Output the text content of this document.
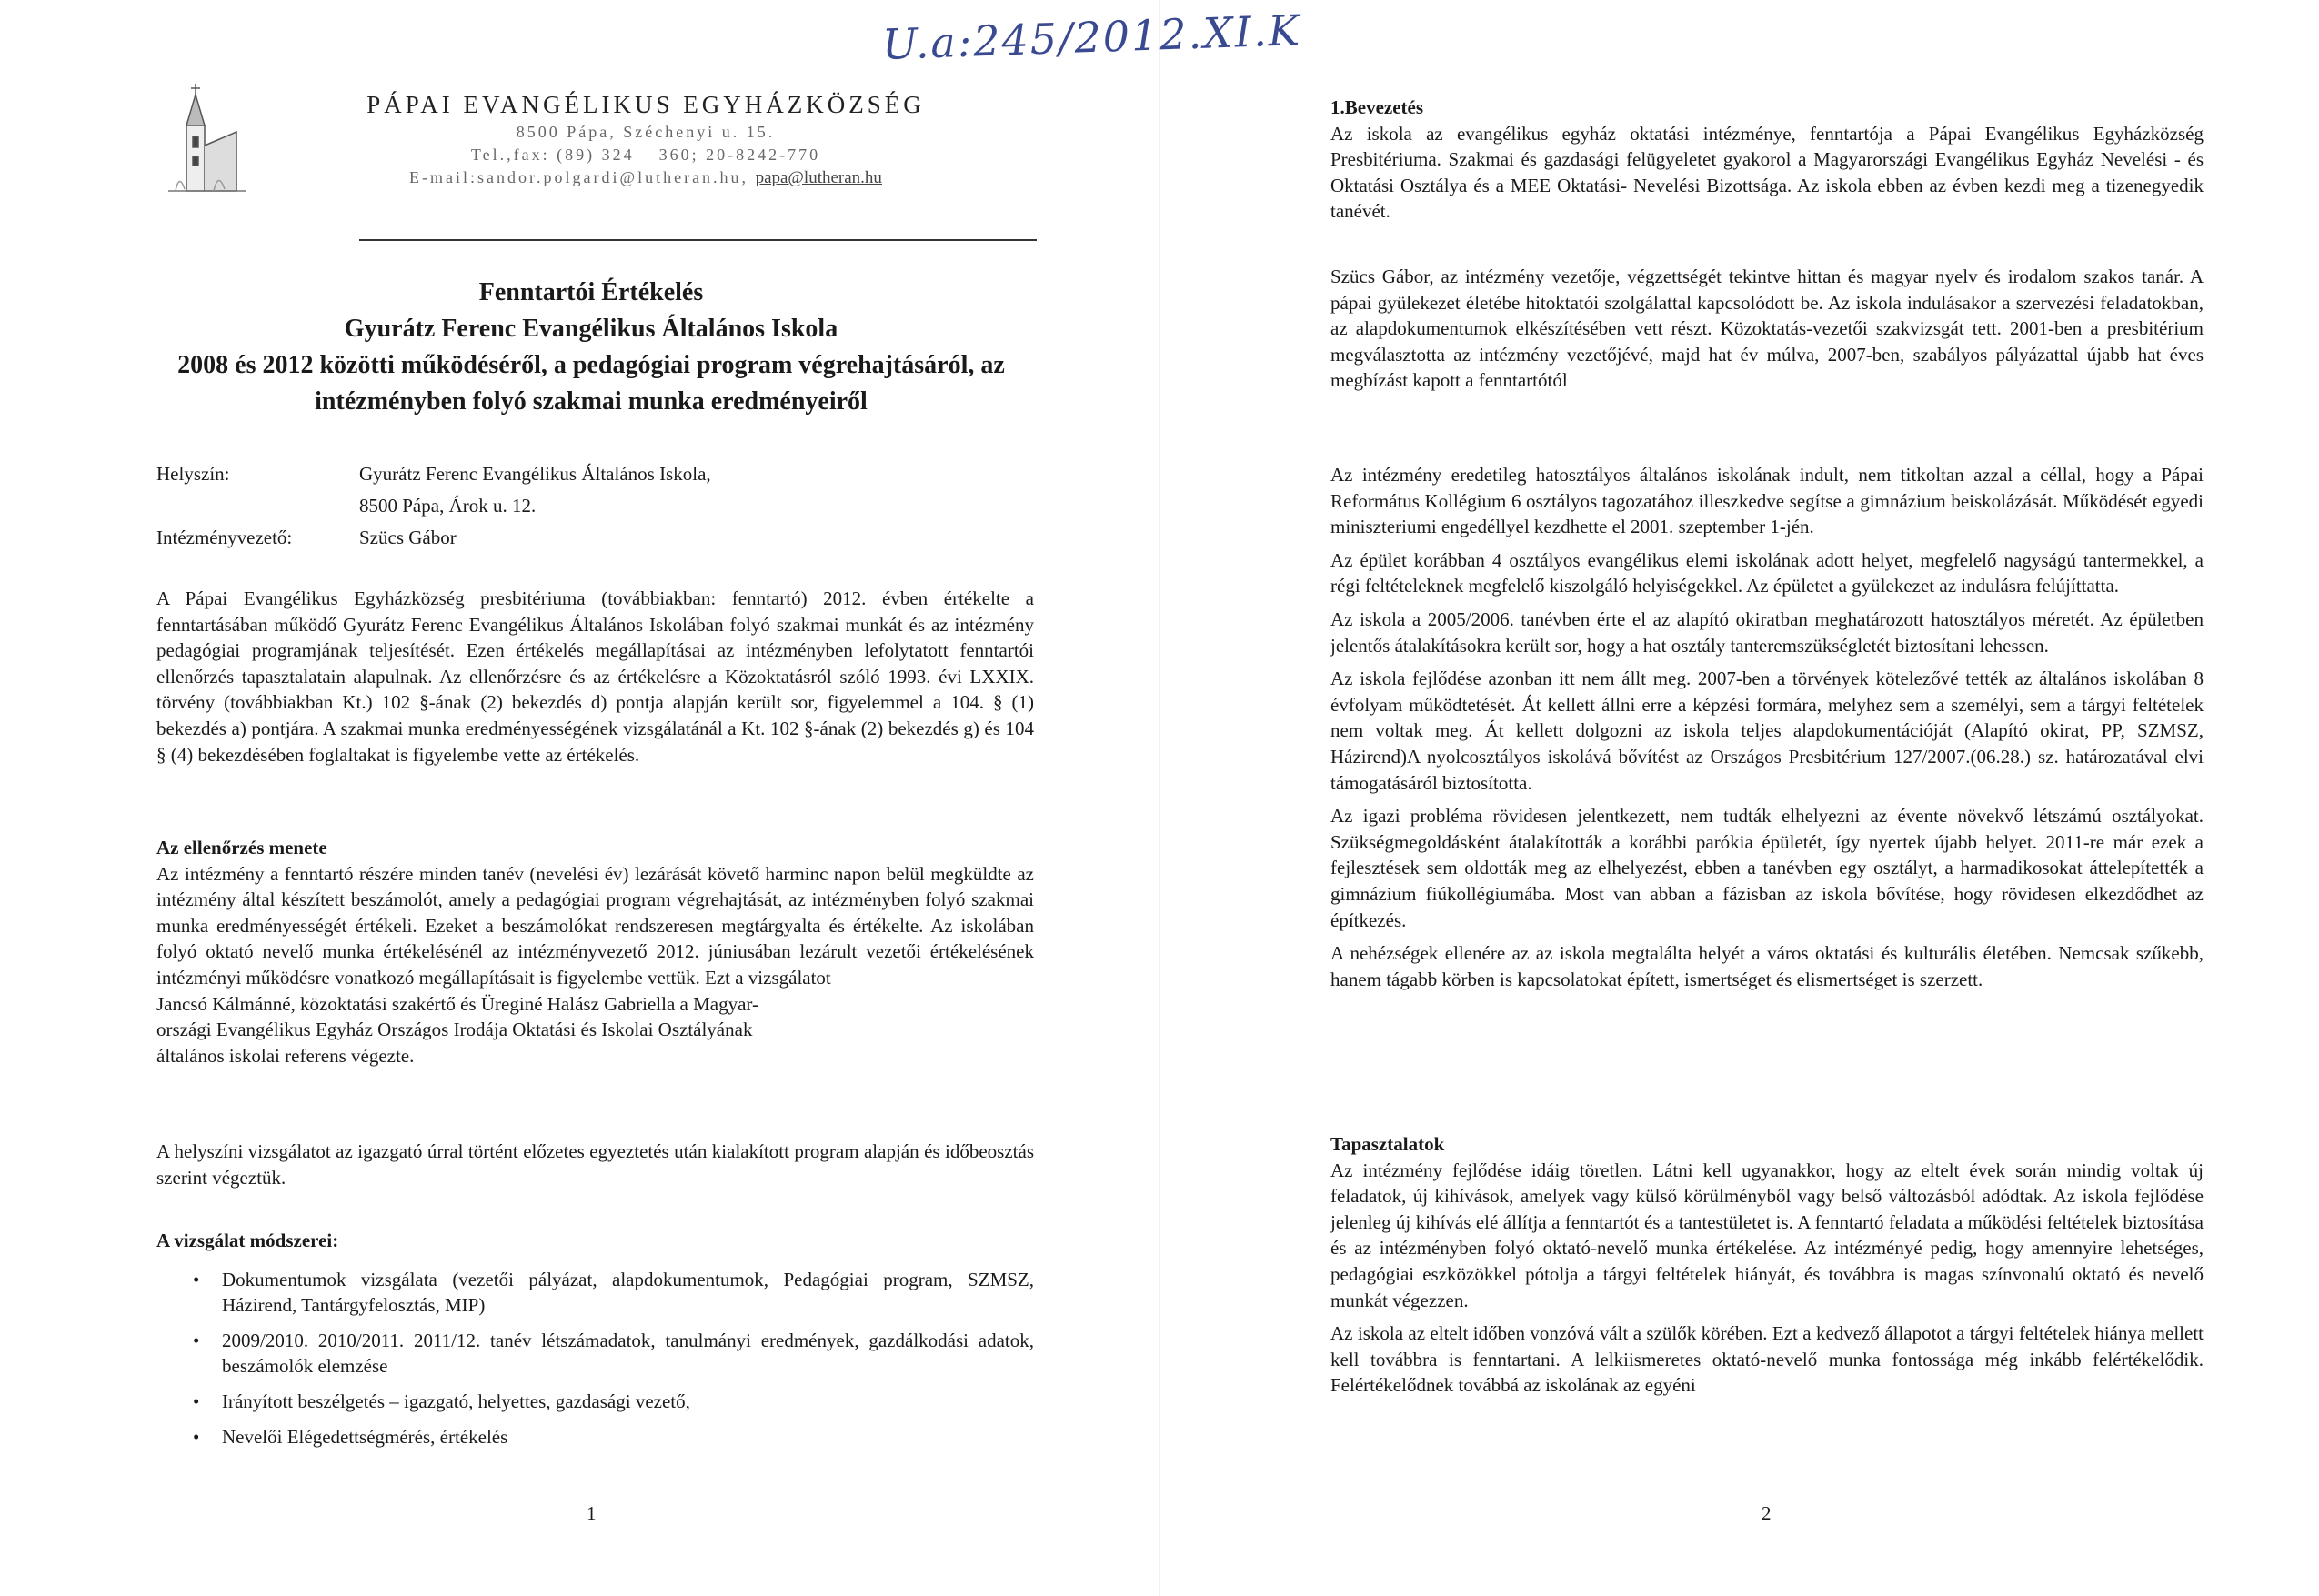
U.a:245/2012.XI.K
PÁPAI EVANGÉLIKUS EGYHÁZKÖZSÉG
8500 Pápa, Széchenyi u. 15.
Tel.,fax: (89) 324 – 360; 20-8242-770
E-mail:sandor.polgardi@lutheran.hu, papa@lutheran.hu
Fenntartói Értékelés
Gyurátz Ferenc Evangélikus Általános Iskola
2008 és 2012 közötti működéséről, a pedagógiai program végrehajtásáról, az
intézményben folyó szakmai munka eredményeiről
Helyszín:	Gyurátz Ferenc Evangélikus Általános Iskola,
8500 Pápa, Árok u. 12.
Intézményvezető:	Szücs Gábor

A Pápai Evangélikus Egyházközség presbitériuma (továbbiakban: fenntartó) 2012. évben értékelte a fenntartásában működő Gyurátz Ferenc Evangélikus Általános Iskolában folyó szakmai munkát és az intézmény pedagógiai programjának teljesítését. Ezen értékelés megállapításai az intézményben lefolytatott fenntartói ellenőrzés tapasztalatain alapulnak. Az ellenőrzésre és az értékelésre a Közoktatásról szóló 1993. évi LXXIX. törvény (továbbiakban Kt.) 102 §-ának (2) bekezdés d) pontja alapján került sor, figyelemmel a 104. § (1) bekezdés a) pontjára. A szakmai munka eredményességének vizsgálatánál a Kt. 102 §-ának (2) bekezdés g) és 104 § (4) bekezdésében foglaltakat is figyelembe vette az értékelés.

Az ellenőrzés menete

Az intézmény a fenntartó részére minden tanév (nevelési év) lezárását követő harminc napon belül megküldte az intézmény által készített beszámolót, amely a pedagógiai program végrehajtását, az intézményben folyó szakmai munka eredményességét értékeli. Ezeket a beszámolókat rendszeresen megtárgyalta és értékelte. Az iskolában folyó oktató nevelő munka értékelésénél az intézményvezető 2012. júniusában lezárult vezetői értékelésének intézményi működésre vonatkozó megállapításait is figyelembe vettük. Ezt a vizsgálatot

Jancsó Kálmánné, közoktatási szakértő és Üreginé Halász Gabriella a Magyar-
országi Evangélikus Egyház Országos Irodája Oktatási és Iskolai Osztályának
általános iskolai referens végezte.

A helyszíni vizsgálatot az igazgató úrral történt előzetes egyeztetés után kialakított program alapján és időbeosztás szerint végeztük.

A vizsgálat módszerei:
• Dokumentumok vizsgálata (vezetői pályázat, alapdokumentumok, Pedagógiai program, SZMSZ, Házirend, Tantárgyfelosztás, MIP)
• 2009/2010. 2010/2011. 2011/12. tanév létszámadatok, tanulmányi eredmények, gazdálkodási adatok, beszámolók elemzése
• Irányított beszélgetés – igazgató, helyettes, gazdasági vezető,
• Nevelői Elégedettségmérés, értékelés
1
1.Bevezetés

Az iskola az evangélikus egyház oktatási intézménye, fenntartója a Pápai Evangélikus Egyházközség Presbitériuma. Szakmai és gazdasági felügyeletet gyakorol a Magyarországi Evangélikus Egyház Nevelési - és Oktatási Osztálya és a MEE Oktatási- Nevelési Bizottsága. Az iskola ebben az évben kezdi meg a tizenegyedik tanévét.

Szücs Gábor, az intézmény vezetője, végzettségét tekintve hittan és magyar nyelv és irodalom szakos tanár. A pápai gyülekezet életébe hitoktatói szolgálattal kapcsolódott be. Az iskola indulásakor a szervezési feladatokban, az alapdokumentumok elkészítésében vett részt. Közoktatás-vezetői szakvizsgát tett. 2001-ben a presbitérium megválasztotta az intézmény vezetőjévé, majd hat év múlva, 2007-ben, szabályos pályázattal újabb hat éves megbízást kapott a fenntartótól

Az intézmény eredetileg hatosztályos általános iskolának indult, nem titkoltan azzal a céllal, hogy a Pápai Református Kollégium 6 osztályos tagozatához illeszkedve segítse a gimnázium beiskolázását. Működését egyedi miniszteriumi engedéllyel kezdhette el 2001. szeptember 1-jén.

Az épület korábban 4 osztályos evangélikus elemi iskolának adott helyet, megfelelő nagyságú tantermekkel, a régi feltételeknek megfelelő kiszolgáló helyiségekkel. Az épületet a gyülekezet az indulásra felújíttatta.

Az iskola a 2005/2006. tanévben érte el az alapító okiratban meghatározott hatosztályos méretét. Az épületben jelentős átalakításokra került sor, hogy a hat osztály tanteremszükségletét biztosítani lehessen.

Az iskola fejlődése azonban itt nem állt meg. 2007-ben a törvények kötelezővé tették az általános iskolában 8 évfolyam működtetését. Át kellett állni erre a képzési formára, melyhez sem a személyi, sem a tárgyi feltételek nem voltak meg. Át kellett dolgozni az iskola teljes alapdokumentációját (Alapító okirat, PP, SZMSZ, Házirend)A nyolcosztályos iskolává bővítést az Országos Presbitérium 127/2007.(06.28.) sz. határozatával elvi támogatásáról biztosította.

Az igazi probléma rövidesen jelentkezett, nem tudták elhelyezni az évente növekvő létszámú osztályokat. Szükségmegoldásként átalakították a korábbi parókia épületét, így nyertek újabb helyet. 2011-re már ezek a fejlesztések sem oldották meg az elhelyezést, ebben a tanévben egy osztályt, a harmadikosokat áttelepítették a gimnázium fiúkollégiumába. Most van abban a fázisban az iskola bővítése, hogy rövidesen elkezdődhet az építkezés.

A nehézségek ellenére az az iskola megtalálta helyét a város oktatási és kulturális életében. Nemcsak szűkebb, hanem tágabb körben is kapcsolatokat épített, ismertséget és elismertséget is szerzett.

Tapasztalatok

Az intézmény fejlődése idáig töretlen. Látni kell ugyanakkor, hogy az eltelt évek során mindig voltak új feladatok, új kihívások, amelyek vagy külső körülményből vagy belső változásból adódtak. Az iskola fejlődése jelenleg új kihívás elé állítja a fenntartót és a tantestületet is. A fenntartó feladata a működési feltételek biztosítása és az intézményben folyó oktató-nevelő munka értékelése. Az intézményé pedig, hogy amennyire lehetséges, pedagógiai eszközökkel pótolja a tárgyi feltételek hiányát, és továbbra is magas színvonalú oktató és nevelő munkát végezzen.

Az iskola az eltelt időben vonzóvá vált a szülők körében. Ezt a kedvező állapotot a tárgyi feltételek hiánya mellett kell továbbra is fenntartani. A lelkiismeretes oktató-nevelő munka fontossága még inkább felértékelődik. Felértékelődnek továbbá az iskolának az egyéni

2
